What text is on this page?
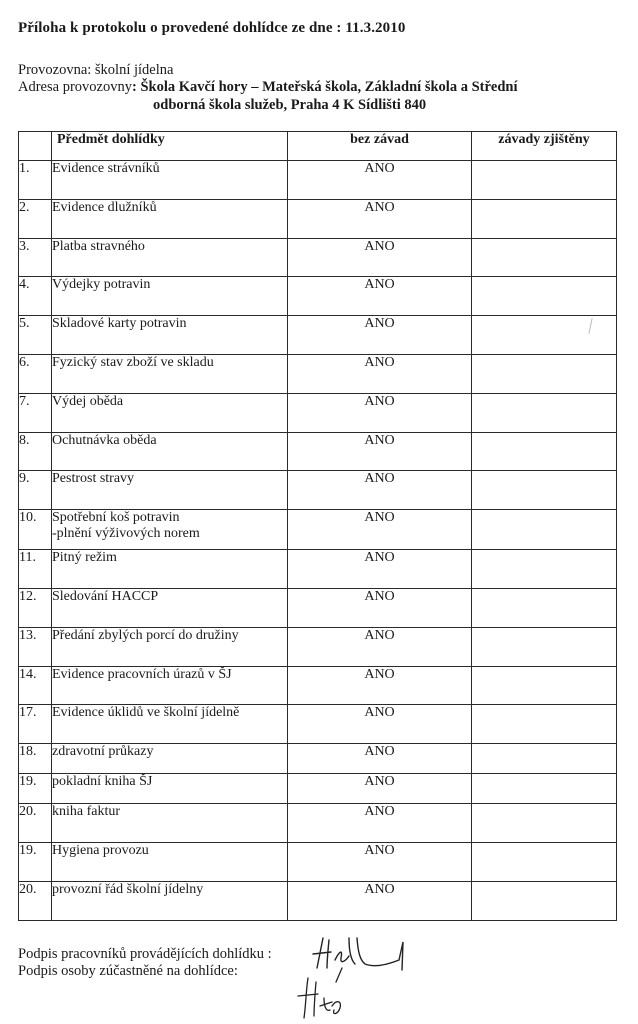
Příloha k protokolu o provedené dohlídce ze dne : 11.3.2010
Provozovna: školní jídelna
Adresa provozovny: Škola Kavčí hory – Mateřská škola, Základní škola a Střední
odborná škola služeb, Praha 4 K Sídlišti 840
	Předmět dohlídky	bez závad	závady zjištěny
1.	Evidence strávníků	ANO	
2.	Evidence dlužníků	ANO	
3.	Platba stravného	ANO	
4.	Výdejky potravin	ANO	
5.	Skladové karty potravin	ANO	
6.	Fyzický stav zboží ve skladu	ANO	
7.	Výdej oběda	ANO	
8.	Ochutnávka oběda	ANO	
9.	Pestrost stravy	ANO	
10.	Spotřební koš potravin
-plnění výživových norem	ANO	
11.	Pitný režim	ANO	
12.	Sledování HACCP	ANO	
13.	Předání zbylých porcí do družiny	ANO	
14.	Evidence pracovních úrazů v ŠJ	ANO	
17.	Evidence úklidů ve školní jídelně	ANO	
18.	zdravotní průkazy	ANO	
19.	pokladní kniha ŠJ	ANO	
20.	kniha faktur	ANO	
19.	Hygiena provozu	ANO	
20.	provozní řád školní jídelny	ANO	
Podpis pracovníků provádějících dohlídku :
Podpis osoby zúčastněné na dohlídce:
